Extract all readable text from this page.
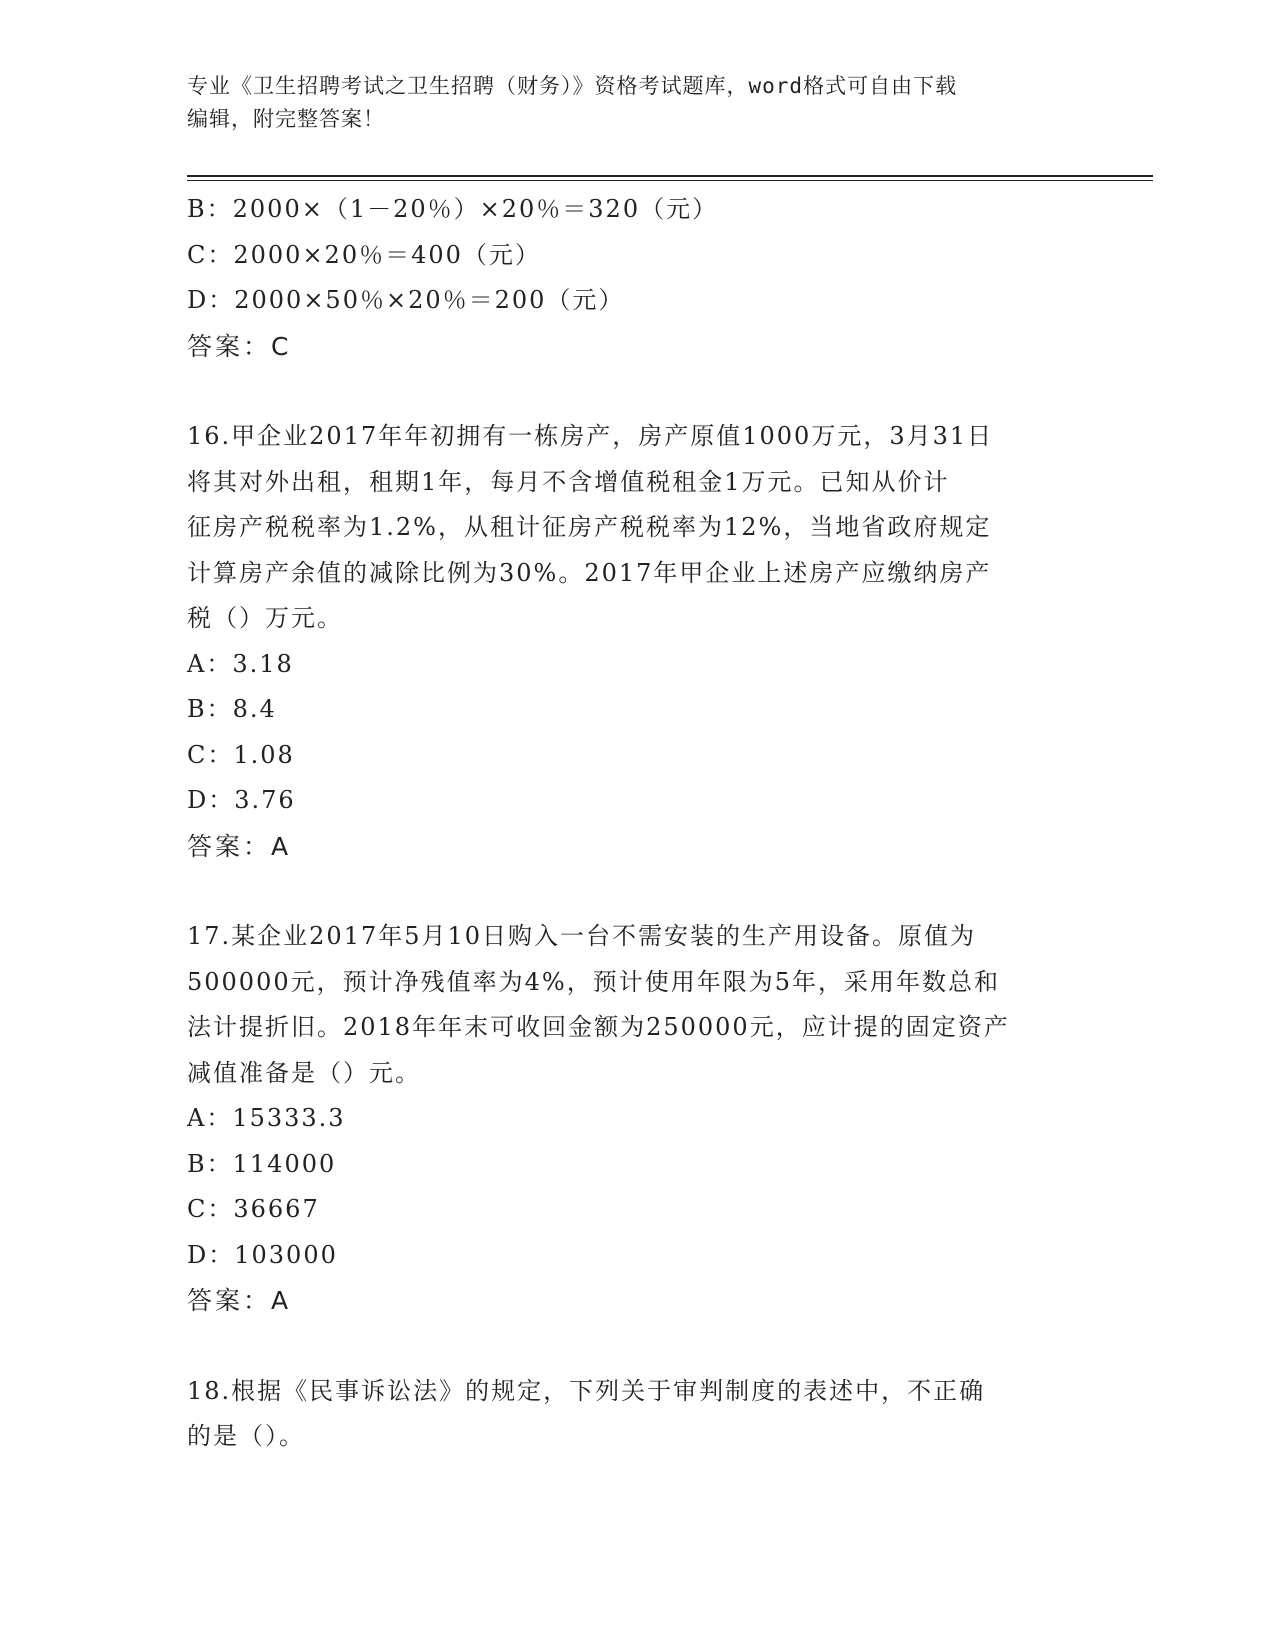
专业《卫生招聘考试之卫生招聘（财务）》资格考试题库，word格式可自由下载
编辑，附完整答案！
B：2000×（1－20％）×20％＝320（元）
C：2000×20％＝400（元）
D：2000×50％×20％＝200（元）
答案：C
16.甲企业2017年年初拥有一栋房产，房产原值1000万元，3月31日
将其对外出租，租期1年，每月不含增值税租金1万元。已知从价计
征房产税税率为1.2%，从租计征房产税税率为12%，当地省政府规定
计算房产余值的减除比例为30%。2017年甲企业上述房产应缴纳房产
税（）万元。
A：3.18
B：8.4
C：1.08
D：3.76
答案：A
17.某企业2017年5月10日购入一台不需安装的生产用设备。原值为
500000元，预计净残值率为4%，预计使用年限为5年，采用年数总和
法计提折旧。2018年年末可收回金额为250000元，应计提的固定资产
减值准备是（）元。
A：15333.3
B：114000
C：36667
D：103000
答案：A
18.根据《民事诉讼法》的规定，下列关于审判制度的表述中，不正确
的是（）。
